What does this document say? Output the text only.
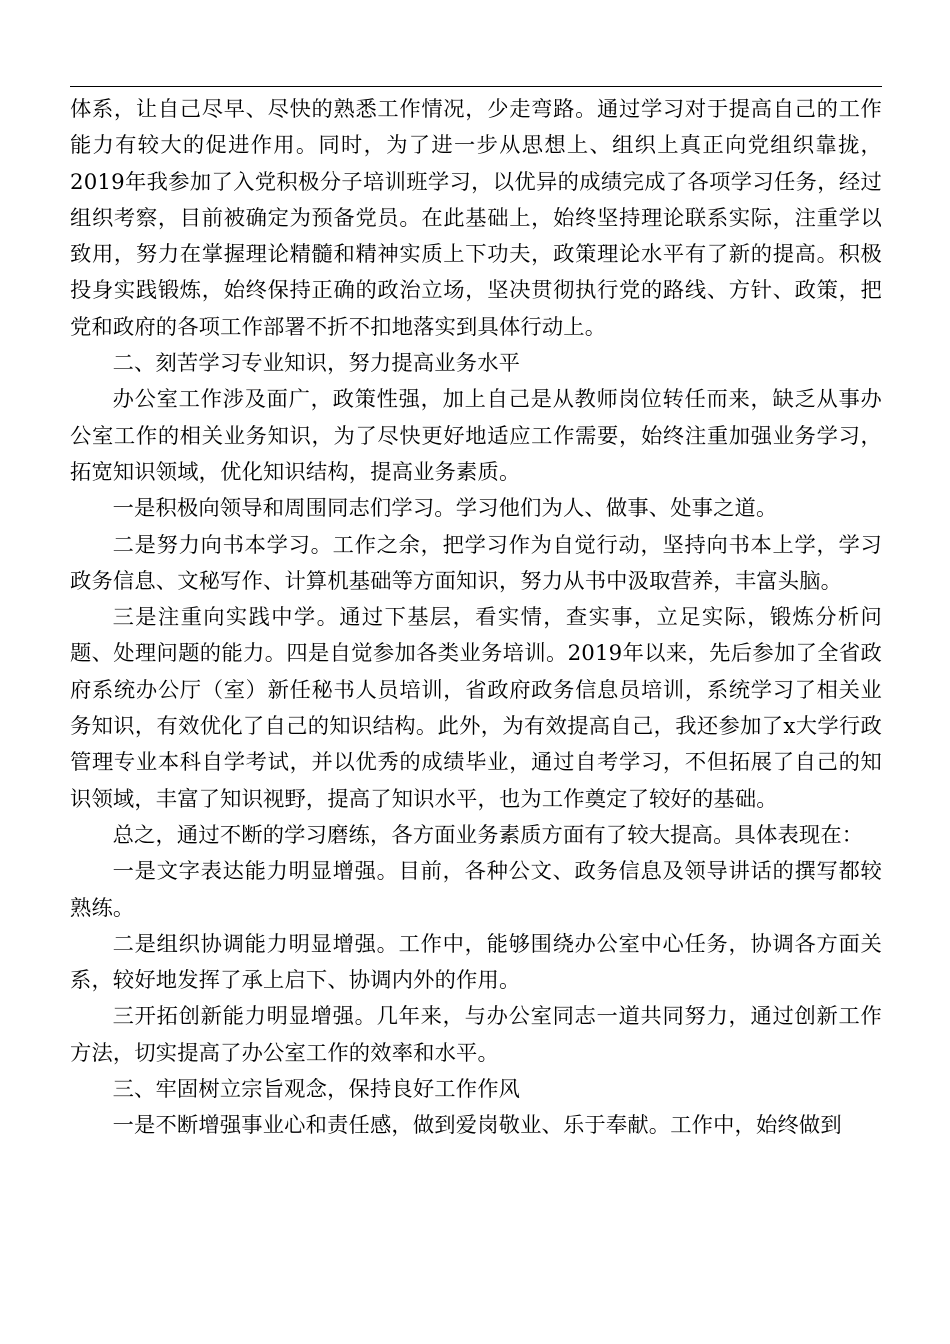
体系，让自己尽早、尽快的熟悉工作情况，少走弯路。通过学习对于提高自己的工作能力有较大的促进作用。同时，为了进一步从思想上、组织上真正向党组织靠拢，2019年我参加了入党积极分子培训班学习，以优异的成绩完成了各项学习任务，经过组织考察，目前被确定为预备党员。在此基础上，始终坚持理论联系实际，注重学以致用，努力在掌握理论精髓和精神实质上下功夫，政策理论水平有了新的提高。积极投身实践锻炼，始终保持正确的政治立场，坚决贯彻执行党的路线、方针、政策，把党和政府的各项工作部署不折不扣地落实到具体行动上。

二、刻苦学习专业知识，努力提高业务水平

办公室工作涉及面广，政策性强，加上自己是从教师岗位转任而来，缺乏从事办公室工作的相关业务知识，为了尽快更好地适应工作需要，始终注重加强业务学习，拓宽知识领域，优化知识结构，提高业务素质。

一是积极向领导和周围同志们学习。学习他们为人、做事、处事之道。

二是努力向书本学习。工作之余，把学习作为自觉行动，坚持向书本上学，学习政务信息、文秘写作、计算机基础等方面知识，努力从书中汲取营养，丰富头脑。

三是注重向实践中学。通过下基层，看实情，查实事，立足实际，锻炼分析问题、处理问题的能力。四是自觉参加各类业务培训。2019年以来，先后参加了全省政府系统办公厅（室）新任秘书人员培训，省政府政务信息员培训，系统学习了相关业务知识，有效优化了自己的知识结构。此外，为有效提高自己，我还参加了x大学行政管理专业本科自学考试，并以优秀的成绩毕业，通过自考学习，不但拓展了自己的知识领域，丰富了知识视野，提高了知识水平，也为工作奠定了较好的基础。

总之，通过不断的学习磨练，各方面业务素质方面有了较大提高。具体表现在：

一是文字表达能力明显增强。目前，各种公文、政务信息及领导讲话的撰写都较熟练。

二是组织协调能力明显增强。工作中，能够围绕办公室中心任务，协调各方面关系，较好地发挥了承上启下、协调内外的作用。

三开拓创新能力明显增强。几年来，与办公室同志一道共同努力，通过创新工作方法，切实提高了办公室工作的效率和水平。

三、牢固树立宗旨观念，保持良好工作作风

一是不断增强事业心和责任感，做到爱岗敬业、乐于奉献。工作中，始终做到
